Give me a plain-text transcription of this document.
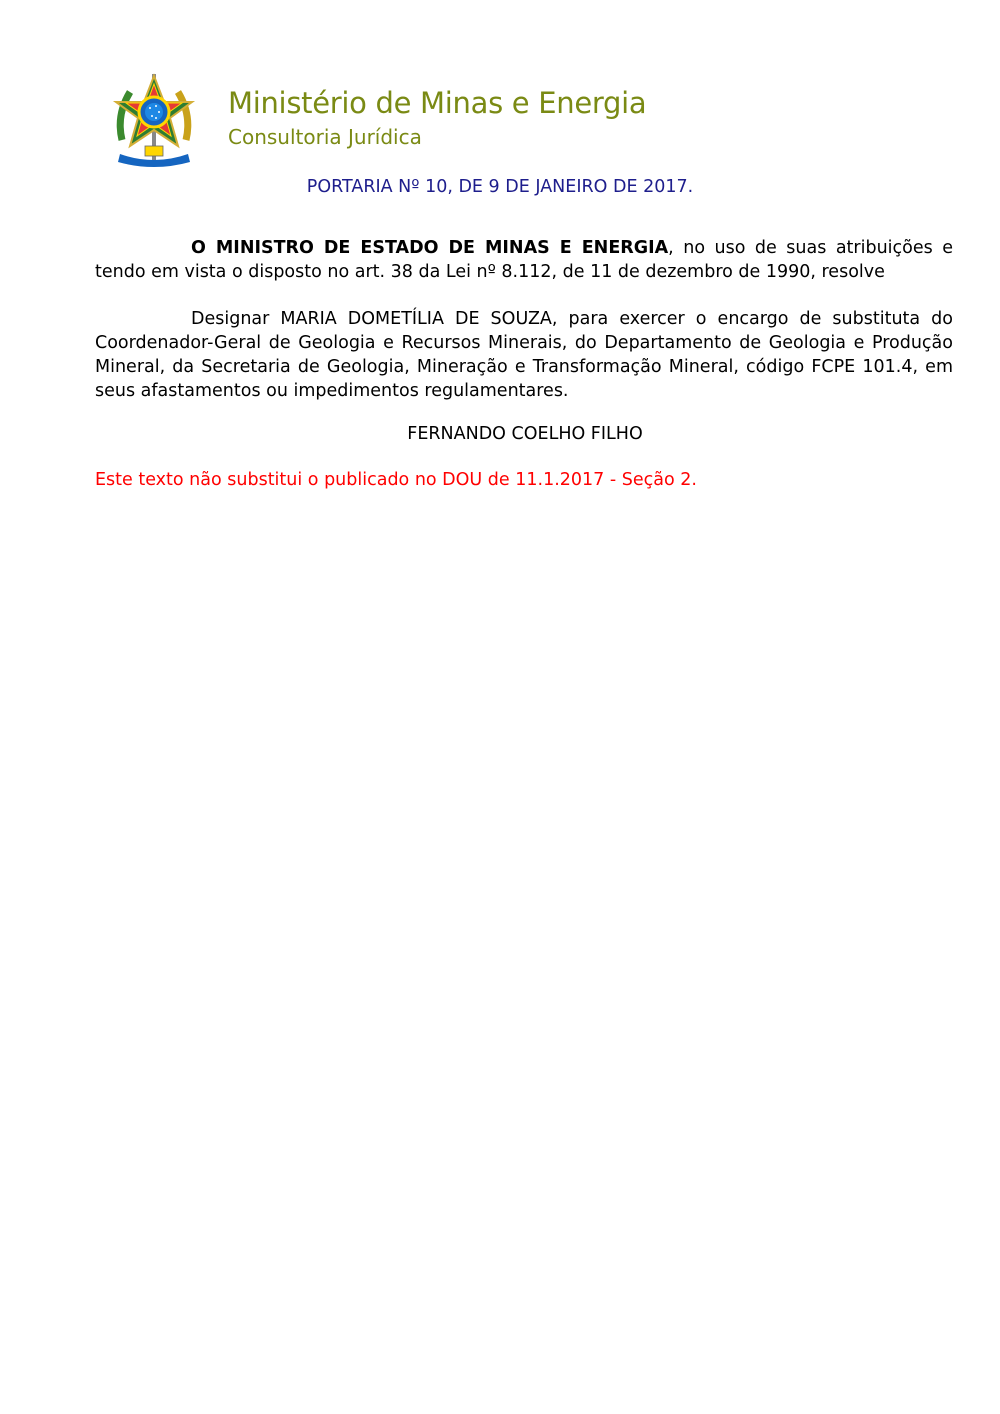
Ministério de Minas e Energia
Consultoria Jurídica
PORTARIA Nº 10, DE 9 DE JANEIRO DE 2017.
O MINISTRO DE ESTADO DE MINAS E ENERGIA, no uso de suas atribuições e tendo em vista o disposto no art. 38 da Lei nº 8.112, de 11 de dezembro de 1990, resolve
Designar MARIA DOMETÍLIA DE SOUZA, para exercer o encargo de substituta do Coordenador-Geral de Geologia e Recursos Minerais, do Departamento de Geologia e Produção Mineral, da Secretaria de Geologia, Mineração e Transformação Mineral, código FCPE 101.4, em seus afastamentos ou impedimentos regulamentares.
FERNANDO COELHO FILHO
Este texto não substitui o publicado no DOU de 11.1.2017 - Seção 2.
